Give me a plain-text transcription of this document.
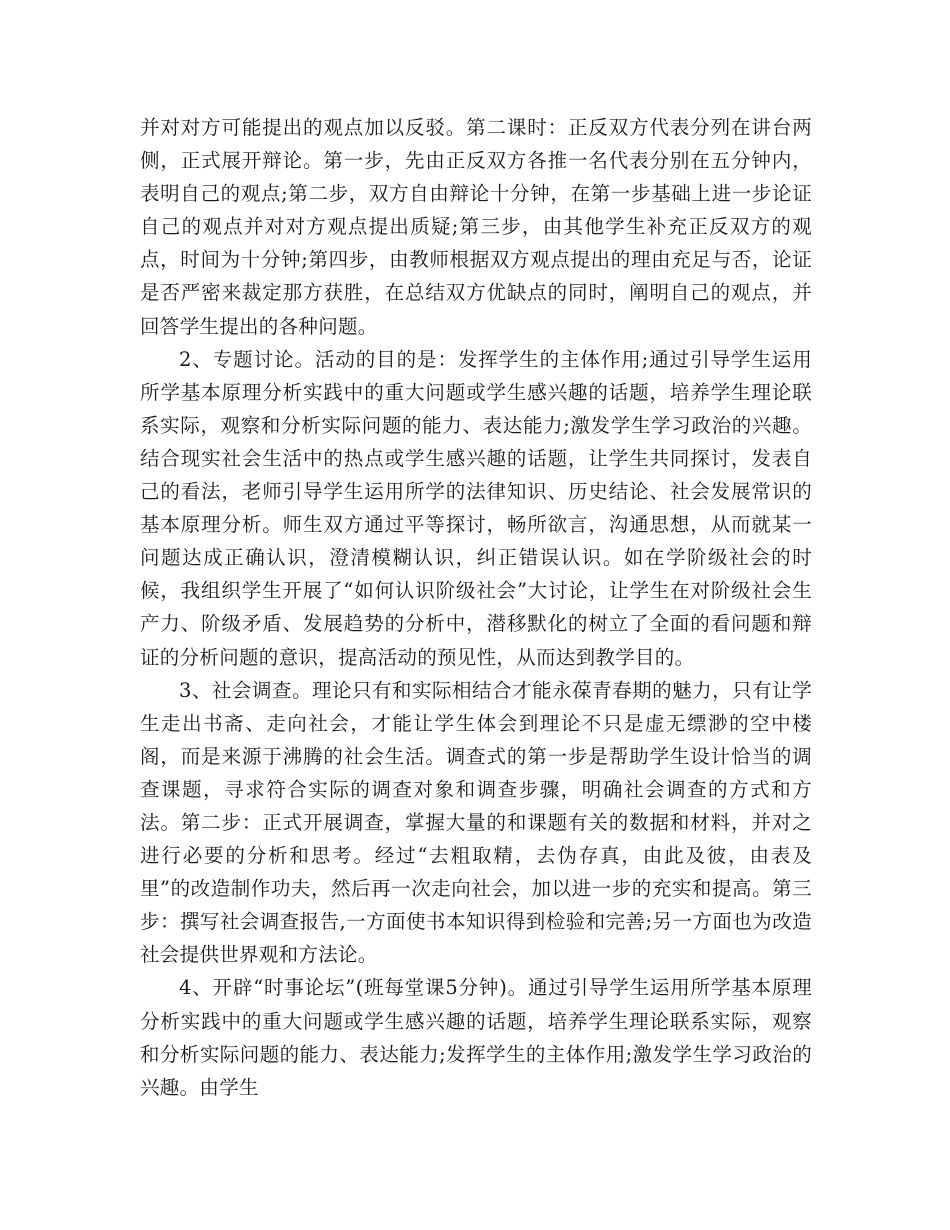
并对对方可能提出的观点加以反驳。第二课时：正反双方代表分列在讲台两侧，正式展开辩论。第一步，先由正反双方各推一名代表分别在五分钟内，表明自己的观点;第二步，双方自由辩论十分钟，在第一步基础上进一步论证自己的观点并对对方观点提出质疑;第三步，由其他学生补充正反双方的观点，时间为十分钟;第四步，由教师根据双方观点提出的理由充足与否，论证是否严密来裁定那方获胜，在总结双方优缺点的同时，阐明自己的观点，并回答学生提出的各种问题。

2、专题讨论。活动的目的是：发挥学生的主体作用;通过引导学生运用所学基本原理分析实践中的重大问题或学生感兴趣的话题，培养学生理论联系实际，观察和分析实际问题的能力、表达能力;激发学生学习政治的兴趣。结合现实社会生活中的热点或学生感兴趣的话题，让学生共同探讨，发表自己的看法，老师引导学生运用所学的法律知识、历史结论、社会发展常识的基本原理分析。师生双方通过平等探讨，畅所欲言，沟通思想，从而就某一问题达成正确认识，澄清模糊认识，纠正错误认识。如在学阶级社会的时候，我组织学生开展了“如何认识阶级社会”大讨论，让学生在对阶级社会生产力、阶级矛盾、发展趋势的分析中，潜移默化的树立了全面的看问题和辩证的分析问题的意识，提高活动的预见性，从而达到教学目的。

3、社会调查。理论只有和实际相结合才能永葆青春期的魅力，只有让学生走出书斋、走向社会，才能让学生体会到理论不只是虚无缥渺的空中楼阁，而是来源于沸腾的社会生活。调查式的第一步是帮助学生设计恰当的调查课题，寻求符合实际的调查对象和调查步骤，明确社会调查的方式和方法。第二步：正式开展调查，掌握大量的和课题有关的数据和材料，并对之进行必要的分析和思考。经过“去粗取精，去伪存真，由此及彼，由表及里”的改造制作功夫，然后再一次走向社会，加以进一步的充实和提高。第三步：撰写社会调查报告,一方面使书本知识得到检验和完善;另一方面也为改造社会提供世界观和方法论。

4、开辟“时事论坛”(班每堂课5分钟)。通过引导学生运用所学基本原理分析实践中的重大问题或学生感兴趣的话题，培养学生理论联系实际，观察和分析实际问题的能力、表达能力;发挥学生的主体作用;激发学生学习政治的兴趣。由学生
